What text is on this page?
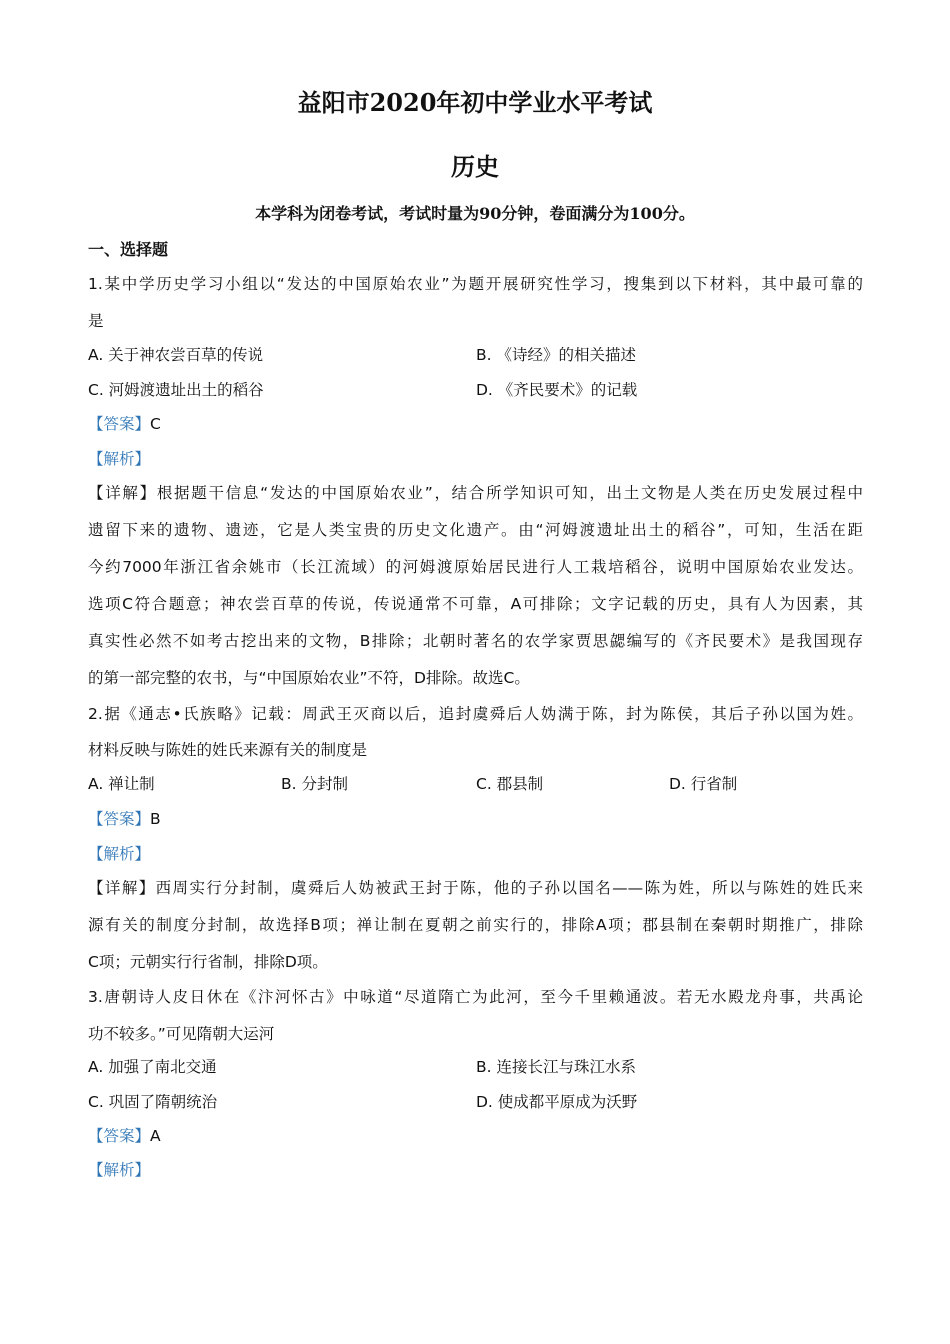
益阳市2020年初中学业水平考试
历史
本学科为闭卷考试，考试时量为90分钟，卷面满分为100分。
一、选择题
1.某中学历史学习小组以“发达的中国原始农业”为题开展研究性学习，搜集到以下材料，其中最可靠的
是
A. 关于神农尝百草的传说	B. 《诗经》的相关描述
C. 河姆渡遗址出土的稻谷	D. 《齐民要术》的记载
【答案】C
【解析】
【详解】根据题干信息“发达的中国原始农业”，结合所学知识可知，出土文物是人类在历史发展过程中
遗留下来的遗物、遗迹，它是人类宝贵的历史文化遗产。由“河姆渡遗址出土的稻谷”，可知，生活在距
今约7000年浙江省余姚市（长江流域）的河姆渡原始居民进行人工栽培稻谷，说明中国原始农业发达。
选项C符合题意；神农尝百草的传说，传说通常不可靠，A可排除；文字记载的历史，具有人为因素，其
真实性必然不如考古挖出来的文物，B排除；北朝时著名的农学家贾思勰编写的《齐民要术》是我国现存
的第一部完整的农书，与“中国原始农业”不符，D排除。故选C。
2.据《通志•氏族略》记载：周武王灭商以后，追封虞舜后人妫满于陈，封为陈侯，其后子孙以国为姓。
材料反映与陈姓的姓氏来源有关的制度是
A. 禅让制	B. 分封制	C. 郡县制	D. 行省制
【答案】B
【解析】
【详解】西周实行分封制，虞舜后人妫被武王封于陈，他的子孙以国名——陈为姓，所以与陈姓的姓氏来
源有关的制度分封制，故选择B项；禅让制在夏朝之前实行的，排除A项；郡县制在秦朝时期推广，排除
C项；元朝实行行省制，排除D项。
3.唐朝诗人皮日休在《汴河怀古》中咏道“尽道隋亡为此河，至今千里赖通波。若无水殿龙舟事，共禹论
功不较多。”可见隋朝大运河
A. 加强了南北交通	B. 连接长江与珠江水系
C. 巩固了隋朝统治	D. 使成都平原成为沃野
【答案】A
【解析】
